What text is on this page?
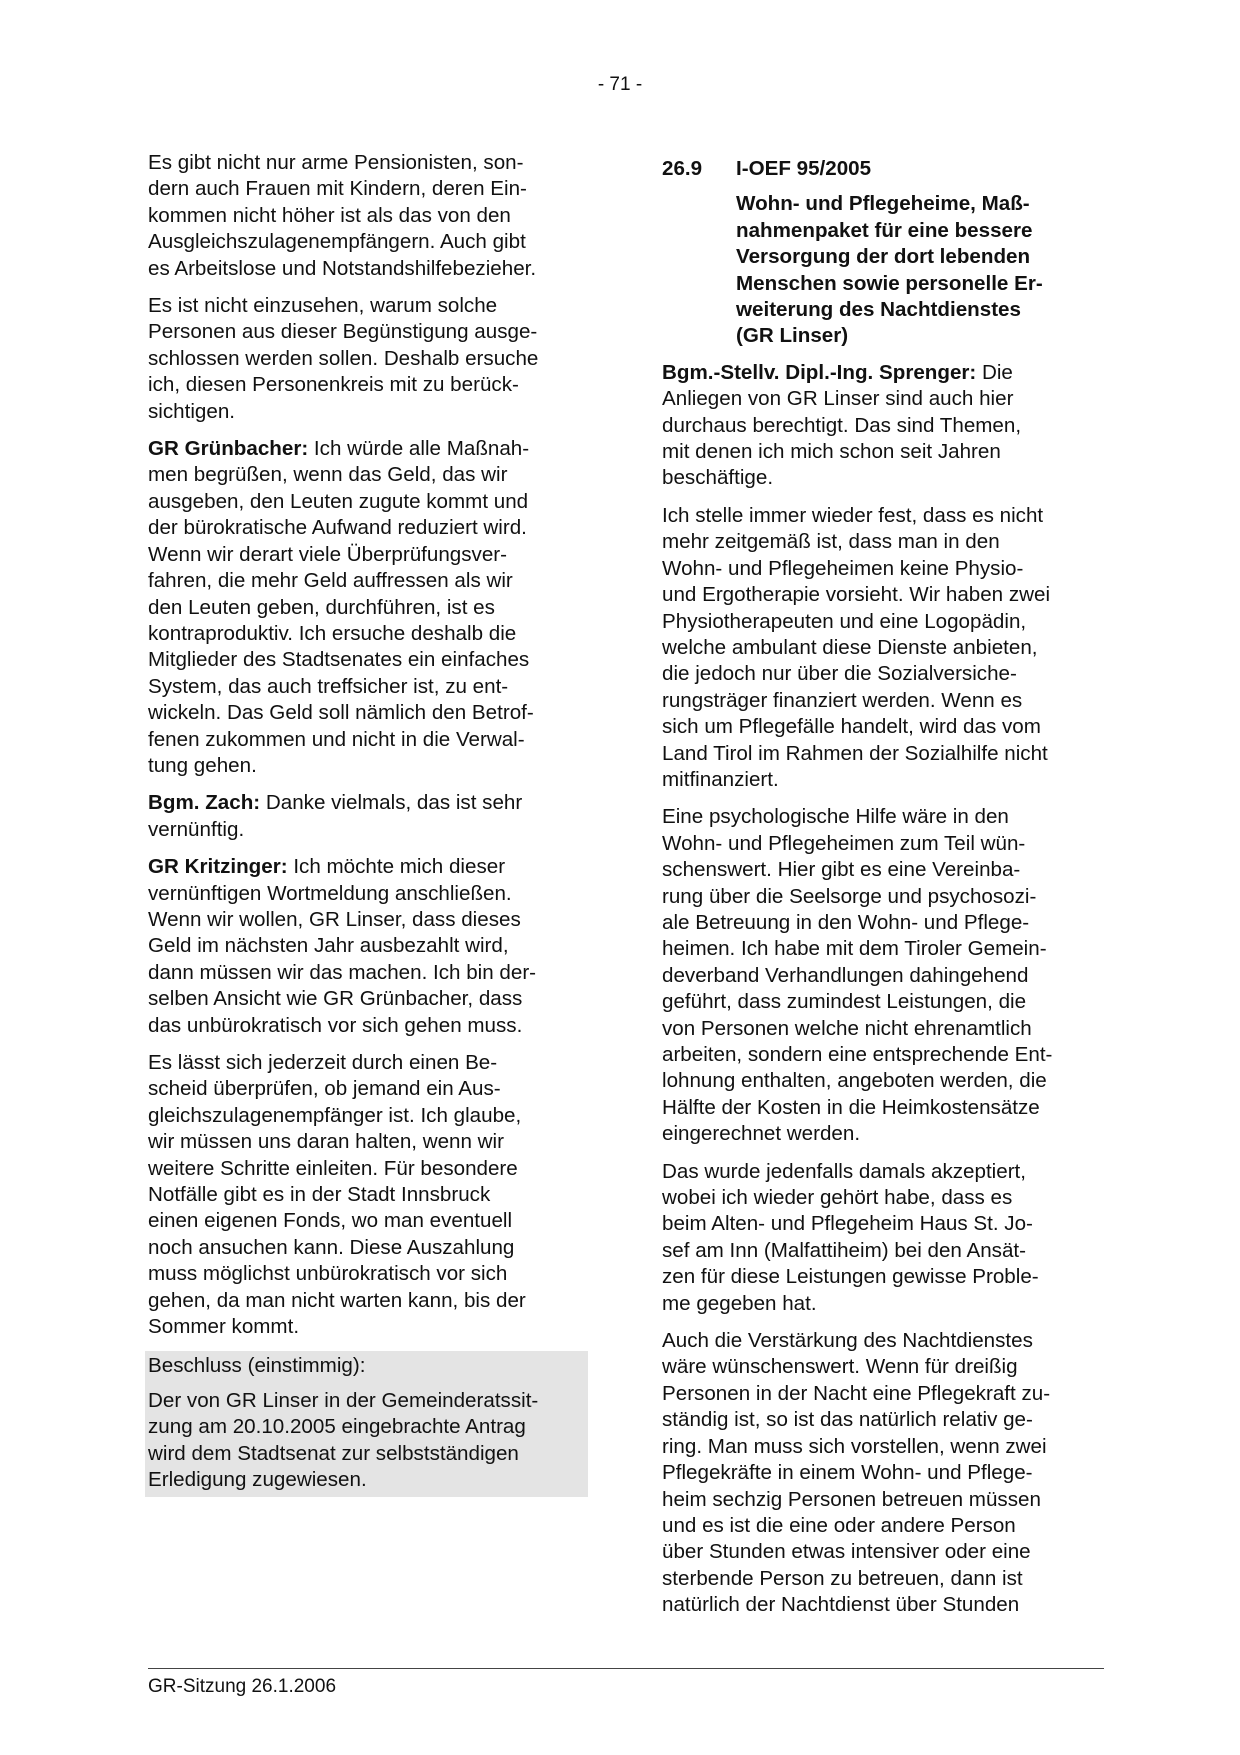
- 71 -

Es gibt nicht nur arme Pensionisten, son-
dern auch Frauen mit Kindern, deren Ein-
kommen nicht höher ist als das von den
Ausgleichszulagenempfängern. Auch gibt
es Arbeitslose und Notstandshilfebezieher.

Es ist nicht einzusehen, warum solche
Personen aus dieser Begünstigung ausge-
schlossen werden sollen. Deshalb ersuche
ich, diesen Personenkreis mit zu berück-
sichtigen.

GR Grünbacher: Ich würde alle Maßnah-
men begrüßen, wenn das Geld, das wir
ausgeben, den Leuten zugute kommt und
der bürokratische Aufwand reduziert wird.
Wenn wir derart viele Überprüfungsver-
fahren, die mehr Geld auffressen als wir
den Leuten geben, durchführen, ist es
kontraproduktiv. Ich ersuche deshalb die
Mitglieder des Stadtsenates ein einfaches
System, das auch treffsicher ist, zu ent-
wickeln. Das Geld soll nämlich den Betrof-
fenen zukommen und nicht in die Verwal-
tung gehen.

Bgm. Zach: Danke vielmals, das ist sehr
vernünftig.

GR Kritzinger: Ich möchte mich dieser
vernünftigen Wortmeldung anschließen.
Wenn wir wollen, GR Linser, dass dieses
Geld im nächsten Jahr ausbezahlt wird,
dann müssen wir das machen. Ich bin der-
selben Ansicht wie GR Grünbacher, dass
das unbürokratisch vor sich gehen muss.

Es lässt sich jederzeit durch einen Be-
scheid überprüfen, ob jemand ein Aus-
gleichszulagenempfänger ist. Ich glaube,
wir müssen uns daran halten, wenn wir
weitere Schritte einleiten. Für besondere
Notfälle gibt es in der Stadt Innsbruck
einen eigenen Fonds, wo man eventuell
noch ansuchen kann. Diese Auszahlung
muss möglichst unbürokratisch vor sich
gehen, da man nicht warten kann, bis der
Sommer kommt.

Beschluss (einstimmig):

Der von GR Linser in der Gemeinderatssit-
zung am 20.10.2005 eingebrachte Antrag
wird dem Stadtsenat zur selbstständigen
Erledigung zugewiesen.

26.9 I-OEF 95/2005
Wohn- und Pflegeheime, Maß-
nahmenpaket für eine bessere
Versorgung der dort lebenden
Menschen sowie personelle Er-
weiterung des Nachtdienstes
(GR Linser)

Bgm.-Stellv. Dipl.-Ing. Sprenger: Die
Anliegen von GR Linser sind auch hier
durchaus berechtigt. Das sind Themen,
mit denen ich mich schon seit Jahren
beschäftige.

Ich stelle immer wieder fest, dass es nicht
mehr zeitgemäß ist, dass man in den
Wohn- und Pflegeheimen keine Physio-
und Ergotherapie vorsieht. Wir haben zwei
Physiotherapeuten und eine Logopädin,
welche ambulant diese Dienste anbieten,
die jedoch nur über die Sozialversiche-
rungsträger finanziert werden. Wenn es
sich um Pflegefälle handelt, wird das vom
Land Tirol im Rahmen der Sozialhilfe nicht
mitfinanziert.

Eine psychologische Hilfe wäre in den
Wohn- und Pflegeheimen zum Teil wün-
schenswert. Hier gibt es eine Vereinba-
rung über die Seelsorge und psychosozi-
ale Betreuung in den Wohn- und Pflege-
heimen. Ich habe mit dem Tiroler Gemein-
deverband Verhandlungen dahingehend
geführt, dass zumindest Leistungen, die
von Personen welche nicht ehrenamtlich
arbeiten, sondern eine entsprechende Ent-
lohnung enthalten, angeboten werden, die
Hälfte der Kosten in die Heimkostensätze
eingerechnet werden.

Das wurde jedenfalls damals akzeptiert,
wobei ich wieder gehört habe, dass es
beim Alten- und Pflegeheim Haus St. Jo-
sef am Inn (Malfattiheim) bei den Ansät-
zen für diese Leistungen gewisse Proble-
me gegeben hat.

Auch die Verstärkung des Nachtdienstes
wäre wünschenswert. Wenn für dreißig
Personen in der Nacht eine Pflegekraft zu-
ständig ist, so ist das natürlich relativ ge-
ring. Man muss sich vorstellen, wenn zwei
Pflegekräfte in einem Wohn- und Pflege-
heim sechzig Personen betreuen müssen
und es ist die eine oder andere Person
über Stunden etwas intensiver oder eine
sterbende Person zu betreuen, dann ist
natürlich der Nachtdienst über Stunden

GR-Sitzung 26.1.2006
